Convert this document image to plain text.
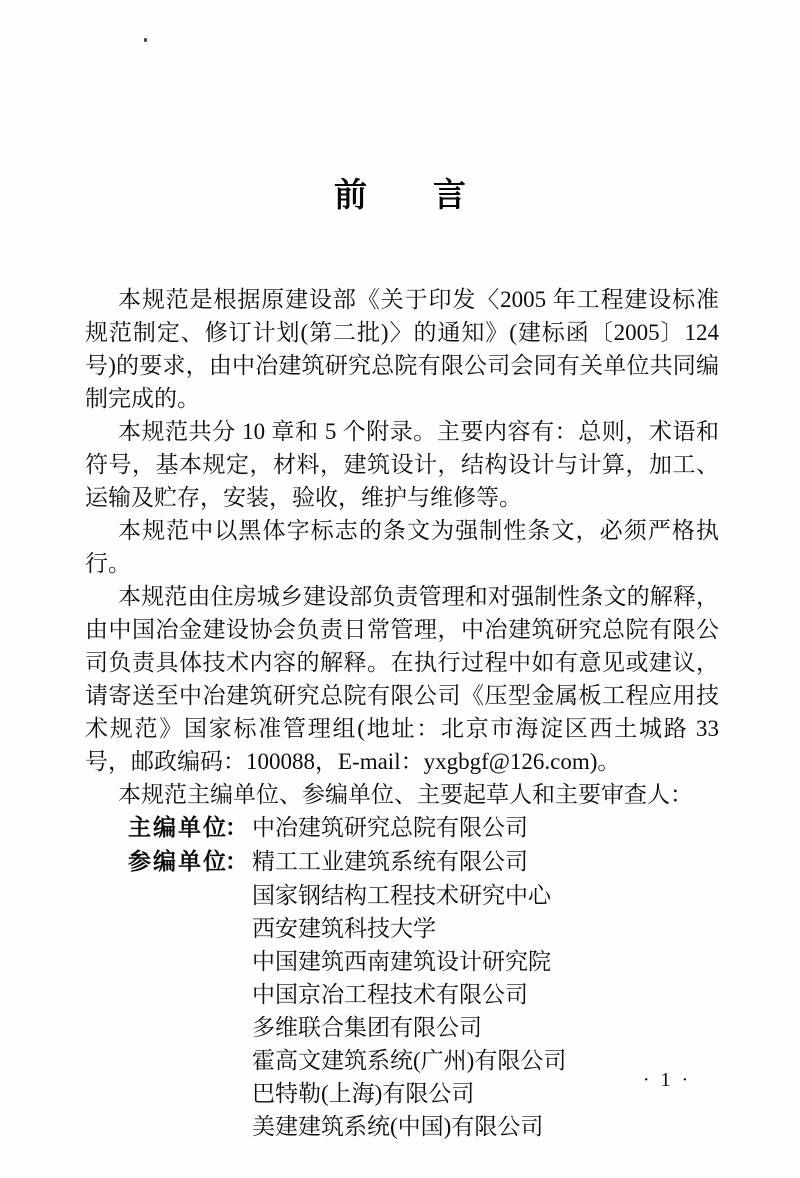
前　　言

本规范是根据原建设部《关于印发〈2005 年工程建设标准规范制定、修订计划(第二批)〉的通知》(建标函〔2005〕124 号)的要求，由中冶建筑研究总院有限公司会同有关单位共同编制完成的。

本规范共分 10 章和 5 个附录。主要内容有：总则，术语和符号，基本规定，材料，建筑设计，结构设计与计算，加工、运输及贮存，安装，验收，维护与维修等。

本规范中以黑体字标志的条文为强制性条文，必须严格执行。

本规范由住房城乡建设部负责管理和对强制性条文的解释，由中国冶金建设协会负责日常管理，中冶建筑研究总院有限公司负责具体技术内容的解释。在执行过程中如有意见或建议，请寄送至中冶建筑研究总院有限公司《压型金属板工程应用技术规范》国家标准管理组(地址：北京市海淀区西土城路 33 号，邮政编码：100088，E-mail：yxgbgf@126.com)。

本规范主编单位、参编单位、主要起草人和主要审查人：

主 编 单 位： 中冶建筑研究总院有限公司
参 编 单 位： 精工工业建筑系统有限公司
国家钢结构工程技术研究中心
西安建筑科技大学
中国建筑西南建筑设计研究院
中国京冶工程技术有限公司
多维联合集团有限公司
霍高文建筑系统(广州)有限公司
巴特勒(上海)有限公司
美建建筑系统(中国)有限公司
· 1 ·
